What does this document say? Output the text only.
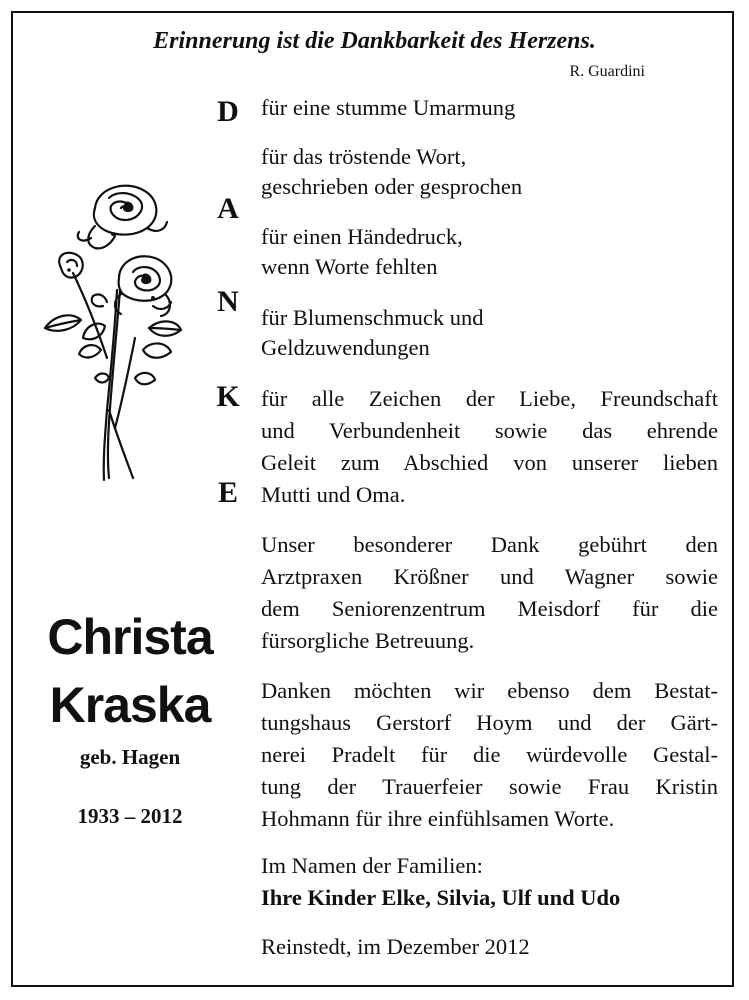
Erinnerung ist die Dankbarkeit des Herzens.

R. Guardini

D
A
N
K
E
für eine stumme Umarmung
für das tröstende Wort,
geschrieben oder gesprochen
für einen Händedruck,
wenn Worte fehlten
für Blumenschmuck und
Geldzuwendungen
für alle Zeichen der Liebe, Freundschaft
und Verbundenheit sowie das ehrende
Geleit zum Abschied von unserer lieben
Mutti und Oma.
Unser besonderer Dank gebührt den
Arztpraxen Krößner und Wagner sowie
dem Seniorenzentrum Meisdorf für die
fürsorgliche Betreuung.
Danken möchten wir ebenso dem Bestat-
tungshaus Gerstorf Hoym und der Gärt-
nerei Pradelt für die würdevolle Gestal-
tung der Trauerfeier sowie Frau Kristin
Hohmann für ihre einfühlsamen Worte.
Im Namen der Familien:
Ihre Kinder Elke, Silvia, Ulf und Udo
Reinstedt, im Dezember 2012
Christa
Kraska
geb. Hagen
1933 – 2012
